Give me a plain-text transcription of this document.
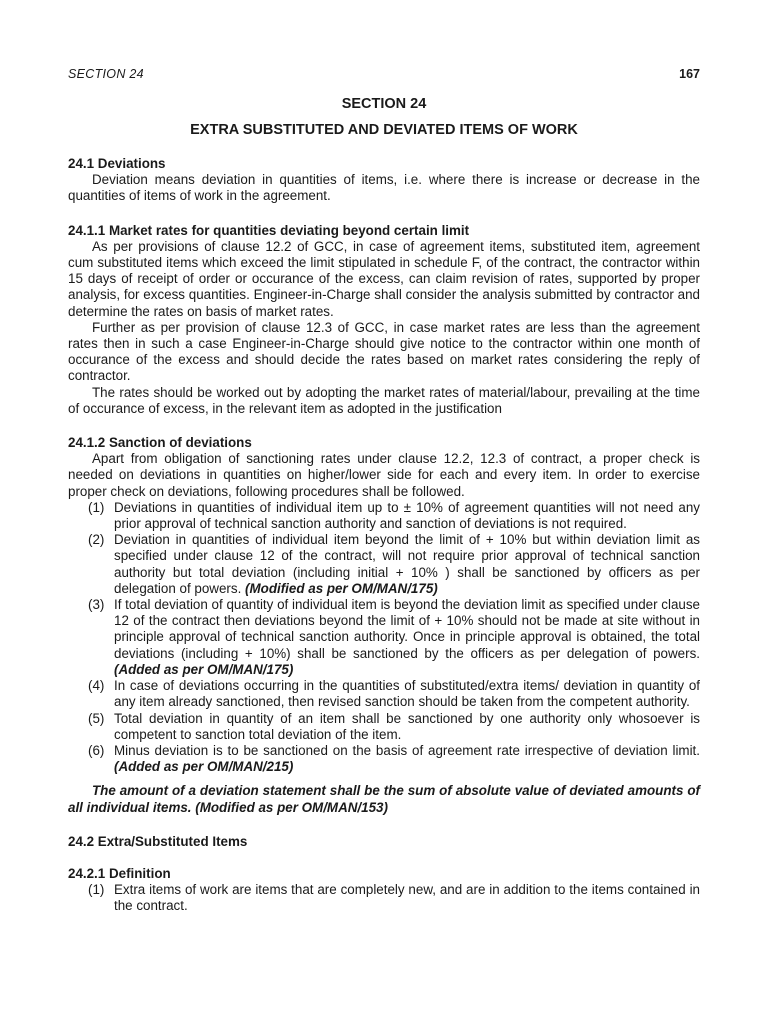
SECTION 24	167
SECTION 24
EXTRA SUBSTITUTED AND DEVIATED ITEMS OF WORK
24.1 Deviations

Deviation means deviation in quantities of items, i.e. where there is increase or decrease in the quantities of items of work in the agreement.

24.1.1 Market rates for quantities deviating beyond certain limit

As per provisions of clause 12.2 of GCC, in case of agreement items, substituted item, agreement cum substituted items which exceed the limit stipulated in schedule F, of the contract, the contractor within 15 days of receipt of order or occurance of the excess, can claim revision of rates, supported by proper analysis, for excess quantities. Engineer-in-Charge shall consider the analysis submitted by contractor and determine the rates on basis of market rates.

Further as per provision of clause 12.3 of GCC, in case market rates are less than the agreement rates then in such a case Engineer-in-Charge should give notice to the contractor within one month of occurance of the excess and should decide the rates based on market rates considering the reply of contractor.

The rates should be worked out by adopting the market rates of material/labour, prevailing at the time of occurance of excess, in the relevant item as adopted in the justification

24.1.2 Sanction of deviations

Apart from obligation of sanctioning rates under clause 12.2, 12.3 of contract, a proper check is needed on deviations in quantities on higher/lower side for each and every item. In order to exercise proper check on deviations, following procedures shall be followed.

(1) Deviations in quantities of individual item up to ± 10% of agreement quantities will not need any prior approval of technical sanction authority and sanction of deviations is not required.
(2) Deviation in quantities of individual item beyond the limit of + 10% but within deviation limit as specified under clause 12 of the contract, will not require prior approval of technical sanction authority but total deviation (including initial + 10% ) shall be sanctioned by officers as per delegation of powers. (Modified as per OM/MAN/175)
(3) If total deviation of quantity of individual item is beyond the deviation limit as specified under clause 12 of the contract then deviations beyond the limit of + 10% should not be made at site without in principle approval of technical sanction authority. Once in principle approval is obtained, the total deviations (including + 10%) shall be sanctioned by the officers as per delegation of powers. (Added as per OM/MAN/175)
(4) In case of deviations occurring in the quantities of substituted/extra items/ deviation in quantity of any item already sanctioned, then revised sanction should be taken from the competent authority.
(5) Total deviation in quantity of an item shall be sanctioned by one authority only whosoever is competent to sanction total deviation of the item.
(6) Minus deviation is to be sanctioned on the basis of agreement rate irrespective of deviation limit. (Added as per OM/MAN/215)

The amount of a deviation statement shall be the sum of absolute value of deviated amounts of all individual items. (Modified as per OM/MAN/153)

24.2 Extra/Substituted Items
24.2.1 Definition
(1) Extra items of work are items that are completely new, and are in addition to the items contained in the contract.
